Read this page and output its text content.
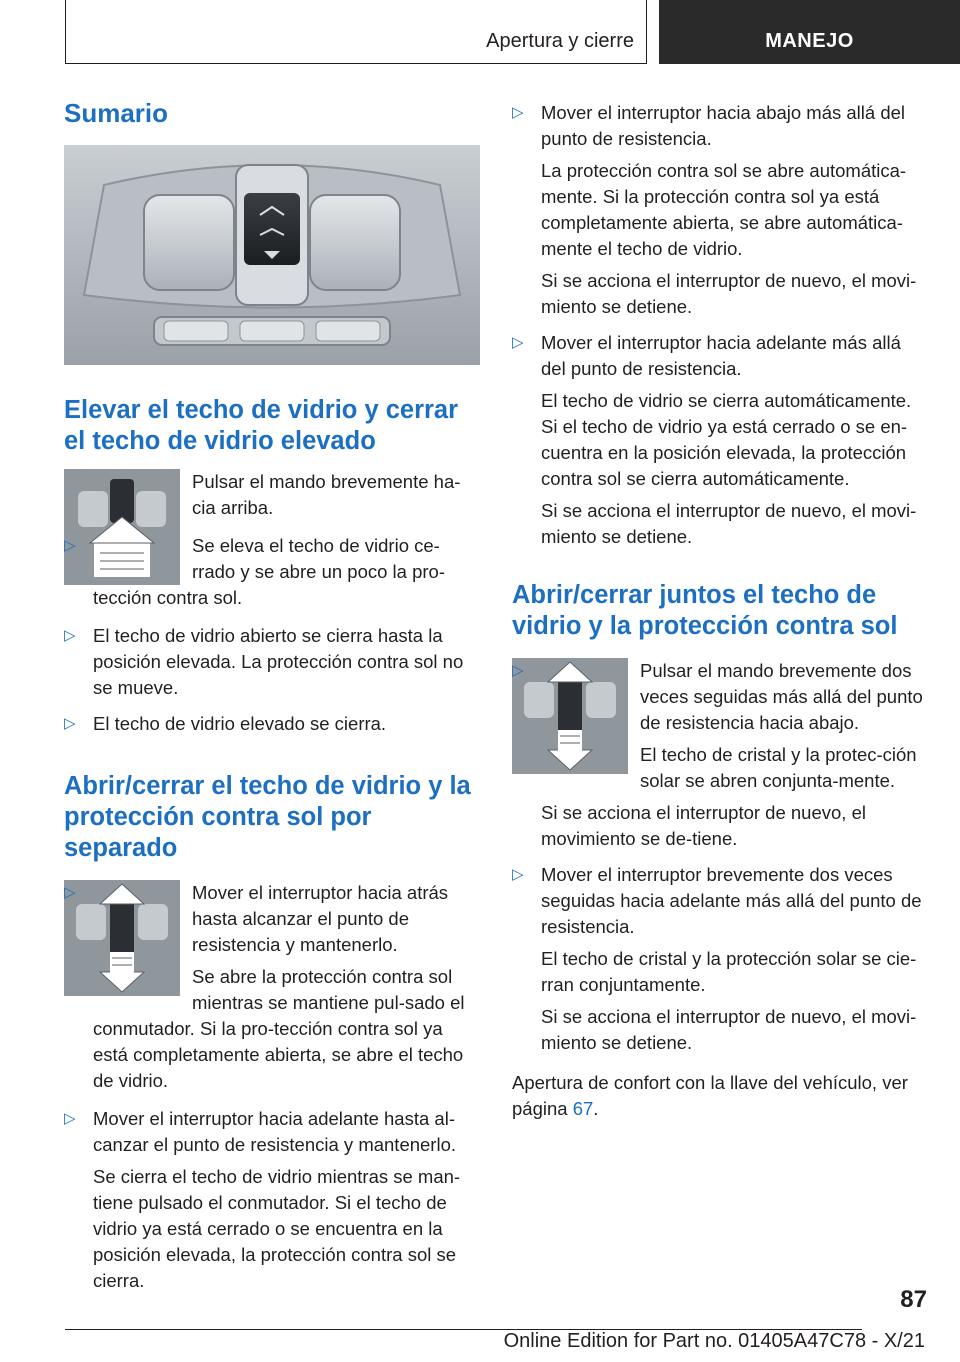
Apertura y cierre	MANEJO
Sumario
Elevar el techo de vidrio y cerrar
el techo de vidrio elevado

Pulsar el mando brevemente ha-cia arriba.

▷	Se eleva el techo de vidrio ce-rrado y se abre un poco la pro-tección contra sol.

▷ El techo de vidrio abierto se cierra hasta la posición elevada. La protección contra sol no se mueve.

▷ El techo de vidrio elevado se cierra.

Abrir/cerrar el techo de vidrio y la
protección contra sol por
separado
▷	Mover el interruptor hacia atrás hasta alcanzar el punto de resistencia y mantenerlo.

Se abre la protección contra sol mientras se mantiene pul-sado el conmutador. Si la pro-tección contra sol ya está completamente abierta, se abre el techo de vidrio.

▷ Mover el interruptor hacia adelante hasta al-canzar el punto de resistencia y mantenerlo.

Se cierra el techo de vidrio mientras se man-tiene pulsado el conmutador. Si el techo de vidrio ya está cerrado o se encuentra en la posición elevada, la protección contra sol se cierra.

▷ Mover el interruptor hacia abajo más allá del punto de resistencia.

La protección contra sol se abre automática-mente. Si la protección contra sol ya está completamente abierta, se abre automática-mente el techo de vidrio.

Si se acciona el interruptor de nuevo, el movi-miento se detiene.

▷ Mover el interruptor hacia adelante más allá del punto de resistencia.

El techo de vidrio se cierra automáticamente. Si el techo de vidrio ya está cerrado o se en-cuentra en la posición elevada, la protección contra sol se cierra automáticamente.

Si se acciona el interruptor de nuevo, el movi-miento se detiene.

Abrir/cerrar juntos el techo de
vidrio y la protección contra sol
▷	Pulsar el mando brevemente dos veces seguidas más allá del punto de resistencia hacia abajo.

El techo de cristal y la protec-ción solar se abren conjunta-mente.

Si se acciona el interruptor de nuevo, el movimiento se de-tiene.

▷ Mover el interruptor brevemente dos veces seguidas hacia adelante más allá del punto de resistencia.

El techo de cristal y la protección solar se cie-rran conjuntamente.

Si se acciona el interruptor de nuevo, el movi-miento se detiene.

Apertura de confort con la llave del vehículo, ver página 67.

87
Online Edition for Part no. 01405A47C78 - X/21
